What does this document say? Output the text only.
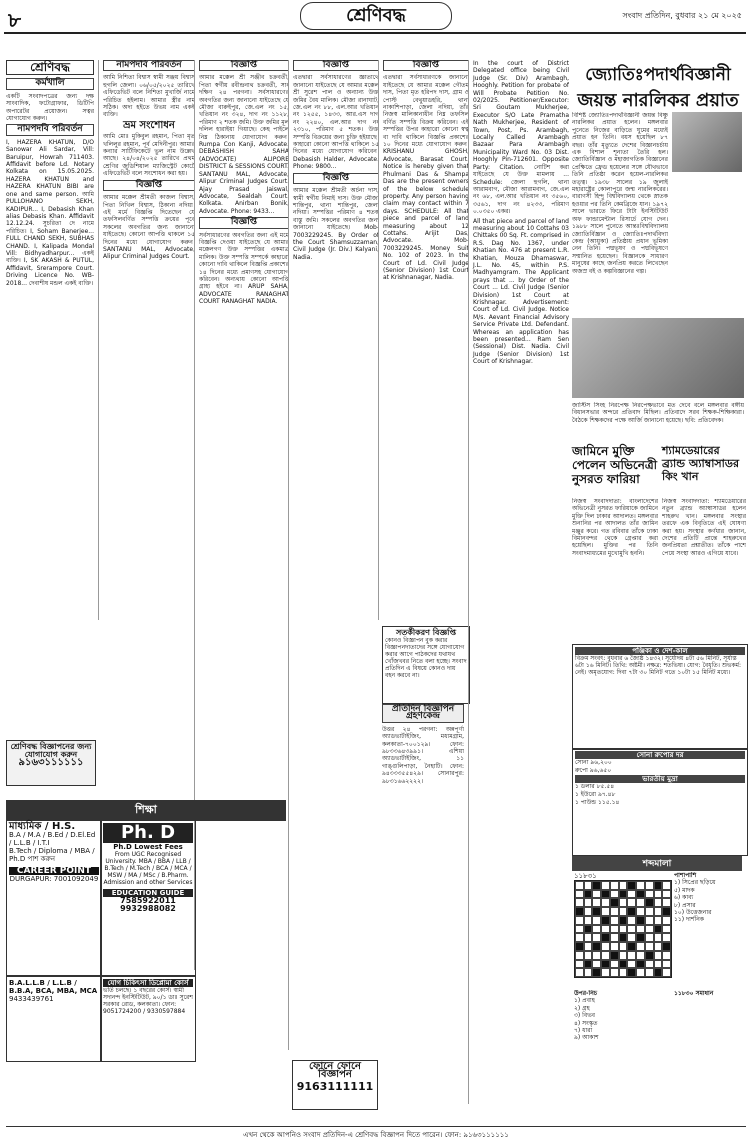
৮	শ্রেণিবদ্ধ	সংবাদ প্রতিদিন, বুধবার ২১ মে ২০২৫
শ্রেণিবদ্ধ
কর্মখালি

একটি সংবাদপত্রের জন্য দক্ষ সাংবাদিক, ফটোগ্রাফার, ডিটিপি অপারেটর প্রয়োজন। সত্বর যোগাযোগ করুন।

নামপদবি পরিবর্তন

I, HAZERA KHATUN, D/O Sanowar Ali Sardar, Vill: Baruipur, Howrah 711403. Affidavit before Ld. Notary Kolkata on 15.05.2025. HAZERA KHATUN and HAZERA KHATUN BIBI are one and same person. আমি PULLOHANO SEKH, KADIPUR... I, Debasish Khan alias Debasis Khan. Affidavit 12.12.24. সুচরিতা দে নামে পরিচিত। I, Soham Banerjee... FULL CHAND SEKH, SUBHAS CHAND. I, Kalipada Mondal Vill: Bidhyadharpur... একই ব্যক্তি। I, SK AKASH & PUTUL, Affidavit, Srerampore Court. Driving Licence No. WB-2018... দেবাশীষ মন্ডল একই ব্যক্তি।

শ্রেণিবদ্ধ বিজ্ঞাপনের জন্য যোগাযোগ করুন
৯১৬৩১১১১১১
নামপদবি পরিবর্তন

আমি নিশিতা বিশ্বাস স্বামী সঞ্জয় বিশ্বাস হুগলি জেলা। ০৬/০৫/২০২৫ তারিখে এফিডেভিট বলে নিশিতা মুখার্জি নামে পরিচিত হইলাম। আমার স্ত্রীর নাম সঠিক। অদ্য হইতে উভয় নাম একই ব্যক্তি।

ভ্রম সংশোধন

আমি মোঃ মুকিবুল রহমান, পিতা মৃত খলিলুর রহমান, পূর্ব মেদিনীপুর। আমার কন্যার সার্টিফিকেটে ভুল নাম উল্লেখ আছে। ২৪/০৪/২০২৫ তারিখে প্রথম শ্রেণির জুডিশিয়াল ম্যাজিস্ট্রেট কোর্টে এফিডেভিট বলে সংশোধন করা হয়।

বিজ্ঞপ্তি

আমার মক্কেল শ্রীমতী কাজল বিশ্বাস, পিতা নিখিল বিশ্বাস, ঠিকানা নদিয়া। এই মর্মে বিজ্ঞপ্তি দিতেছেন যে তফসিলবর্ণিত সম্পত্তি ক্রয়ের পূর্বে সকলের অবগতির জন্য জানানো যাইতেছে। কোনো আপত্তি থাকলে ১৫ দিনের মধ্যে যোগাযোগ করুন। SANTANU MAL, Advocate, Alipur Criminal Judges Court.

বিজ্ঞপ্তি

আমার মক্কেল শ্রী সঞ্জীব চক্রবর্তী, পিতা স্বর্গীয় রবীন্দ্রনাথ চক্রবর্তী, সাং দক্ষিণ ২৪ পরগনা। সর্বসাধারণের অবগতির জন্য জানানো যাইতেছে যে মৌজা বারুইপুর, জে.এল নং ১৫, খতিয়ান নং ৩২৪, দাগ নং ১১২৮, পরিমাণ ২ শতক জমি। উক্ত জমির মূল দলিল হারাইয়া গিয়াছে। কেহ পাইলে নিম্ন ঠিকানায় যোগাযোগ করুন। Rumpa Con Kanji, Advocate. DEBASHISH SAHA (ADVOCATE) ALIPORE DISTRICT & SESSIONS COURT. SANTANU MAL, Advocate, Alipur Criminal Judges Court. Ajay Prasad Jaiswal, Advocate, Sealdah Court. Kolkata. Anirban Bonik, Advocate. Phone: 9433...

বিজ্ঞপ্তি

সর্বসাধারণের অবগতির জন্য এই মর্মে বিজ্ঞপ্তি দেওয়া যাইতেছে যে আমার মক্কেলগণ উক্ত সম্পত্তির একমাত্র মালিক। উক্ত সম্পত্তি সম্পর্কে কাহারো কোনো দাবি থাকিলে বিজ্ঞপ্তি প্রকাশের ১৪ দিনের মধ্যে প্রমাণসহ যোগাযোগ করিবেন। অন্যথায় কোনো আপত্তি গ্রাহ্য হইবে না। ARUP SAHA, ADVOCATE RANAGHAT COURT RANAGHAT NADIA.

বিজ্ঞপ্তি

এতদ্বারা সর্বসাধারণের জ্ঞাতার্থে জানানো যাইতেছে যে আমার মক্কেল শ্রী সুরেশ পাল ও অন্যান্য উক্ত জমির বৈধ মালিক। মৌজা রানাঘাট, জে.এল নং ৮৮, এল.আর খতিয়ান নং ১২৫৫, ১৪৩৩, আর.এস দাগ নং ২২৪০, এল.আর দাগ নং ২৩১০, পরিমাণ ৫ শতক। উক্ত সম্পত্তি বিক্রয়ের জন্য চুক্তি হইয়াছে। কাহারো কোনো আপত্তি থাকিলে ১৫ দিনের মধ্যে যোগাযোগ করিবেন। Debasish Halder, Advocate. Phone: 9800...

বিজ্ঞপ্তি

আমার মক্কেল শ্রীমতী অর্চনা দাস, স্বামী স্বর্গীয় নিমাই দাস। উক্ত মৌজা শান্তিপুর, থানা শান্তিপুর, জেলা নদিয়া। সম্পত্তির পরিমাণ ৪ শতক বাস্তু জমি। সকলের অবগতির জন্য জানানো যাইতেছে। Mob-7003229245. By Order of the Court Shamsuzzaman, Civil Judge (Jr. Div.) Kalyani, Nadia.

ফোনে ফোনে বিজ্ঞাপন
9163111111
বিজ্ঞপ্তি

এতদ্বারা সর্বসাধারণকে জানানো যাইতেছে যে আমার মক্কেল গৌতম দাস, পিতা মৃত হরিপদ দাস, গ্রাম ও পোস্ট বেথুয়াডহরি, থানা নাকাশিপাড়া, জেলা নদিয়া, তাঁর নিজস্ব মালিকানাধীন নিম্ন তফসিল বর্ণিত সম্পত্তি বিক্রয় করিবেন। এই সম্পত্তির উপর কাহারো কোনো স্বত্ব বা দাবি থাকিলে বিজ্ঞপ্তি প্রকাশের ১০ দিনের মধ্যে যোগাযোগ করুন। KRISHANU GHOSH, Advocate, Barasat Court. Notice is hereby given that Phulmani Das & Shampa Das are the present owners of the below schedule property. Any person having claim may contact within 7 days. SCHEDULE: All that piece and parcel of land measuring about 12 Cottahs. Arijit Das, Advocate. Mob-7003229245. Money Suit No. 102 of 2023. In the Court of Ld. Civil Judge (Senior Division) 1st Court at Krishnanagar, Nadia.

সতর্কীকরণ বিজ্ঞপ্তি
কোনও বিজ্ঞাপন বুক করার বিজ্ঞাপনদাতাদের সঙ্গে যোগাযোগ করার আগে পাঠকদের যথাযথ খোঁজখবর নিতে বলা হচ্ছে। সংবাদ প্রতিদিন এ বিষয়ে কোনও দায় বহন করবে না।
প্রতিদিন বিজ্ঞাপন গ্রহণকেন্দ্র

উত্তর ২৪ পরগনা: অন্নপূর্ণা অ্যাডভার্টাইজিং, মধ্যমগ্রাম, কলকাতা-৭০০১২৯। ফোন: ৯৮৩৩৬৪৩৯৯১। এশিয়া অ্যাডভার্টাইজিং, ১১ গাঙ্গুলিপাড়া, নৈহাটি। ফোন: ৯৪৩৩৩৫৫৪২৯। সোনারপুর: ৯৮৩১৬৬২২২২।

In the court of District Delegated office being Civil Judge (Sr. Div) Arambagh, Hooghly. Petition for probate of Will Probate Petition No. 02/2025. Petitioner/Executor: Sri Goutam Mukherjee, Executor S/O Late Pramatha Nath Mukherjee, Resident of Town, Post, Ps. Arambagh, Locally Called Arambagh Bazaar Para Arambagh Municipality Ward No. 03 Dist. Hooghly Pin-712601. Opposite Party: Citation. নোটিশ করা যাইতেছে যে উক্ত মামলায় ... Schedule: জেলা হুগলি, থানা আরামবাগ, মৌজা আরামবাগ, জে.এল নং ৬৮, এল.আর খতিয়ান নং ৩৫৬০, ৩৫৬১, দাগ নং ৪২৩৩, পরিমাণ ০.০৩৫০ একর।

All that piece and parcel of land measuring about 10 Cottahs 03 Chittaks 00 Sq. Ft. comprised in R.S. Dag No. 1367, under Khatian No. 476 at present L.R. Khatian, Mouza Dhamaswar, J.L. No. 45, within P.S. Madhyamgram. The Applicant prays that ... by Order of the Court ... Ld. Civil Judge (Senior Division) 1st Court at Krishnagar. Advertisement: Court of Ld. Civil Judge. Notice M/s. Aevant Financial Advisory Service Private Ltd. Defendant. Whereas an application has been presented... Ram Sen (Sessional) Dist. Nadia. Civil Judge (Senior Division) 1st Court of Krishnagar.

জ্যোতিঃপদার্থবিজ্ঞানী
জয়ন্ত নারলিকর প্রয়াত
বিশিষ্ট জ্যোতিঃপদার্থবিজ্ঞানী জয়ন্ত বিষ্ণু নারলিকর প্রয়াত হলেন। মঙ্গলবার পুনেতে নিজের বাড়িতে ঘুমের মধ্যেই প্রয়াত হন তিনি। বয়স হয়েছিল ৮৭ বছর। তাঁর মৃত্যুতে দেশের বিজ্ঞানচর্চায় এক বিশাল শূন্যতা তৈরি হল। জ্যোতির্বিজ্ঞান ও মহাজাগতিক বিজ্ঞানের প্রেক্ষিতে ফ্রেড হয়েলের সঙ্গে যৌথভাবে তিনি প্রতিষ্ঠা করেন হয়েল-নারলিকর তত্ত্ব। ১৯৩৮ সালের ১৯ জুলাই মহারাষ্ট্রের কোলাপুরে জন্ম নারলিকরের। বারাণসী হিন্দু বিশ্ববিদ্যালয় থেকে স্নাতক হওয়ার পর তিনি কেমব্রিজে যান। ১৯৭২ সালে ভারতে ফিরে টাটা ইনস্টিটিউট অফ ফান্ডামেন্টাল রিসার্চে যোগ দেন। ১৯৮৮ সালে পুনেতে আন্তঃবিশ্ববিদ্যালয় জ্যোতির্বিজ্ঞান ও জ্যোতিঃপদার্থবিদ্যা কেন্দ্র (আয়ুকা) প্রতিষ্ঠায় প্রধান ভূমিকা নেন তিনি। পদ্মভূষণ ও পদ্মবিভূষণে সম্মানিত হয়েছেন। বিজ্ঞানকে সাধারণ মানুষের কাছে জনপ্রিয় করতে লিখেছেন অজস্র বই ও কল্পবিজ্ঞানের গল্প।
জাস্টিস সিংহ নিরপেক্ষ নিরপেক্ষভাবে মত দেবে বলে মঙ্গলবার বঙ্গীয় বিধানসভার অন্দরে প্রতিবাদ মিছিল। প্রতিবাদে সরব শিক্ষক-শিক্ষিকারা। বৈঠকে শিক্ষকদের পক্ষে আর্জি জানানো হয়েছে। ছবি: প্রতিবেদক।
জামিনে মুক্তি পেলেন অভিনেত্রী নুসরত ফারিয়া
নিজস্ব সংবাদদাতা: বাংলাদেশের অভিনেত্রী নুসরত ফারিয়াকে জামিনে মুক্তি দিল ঢাকার আদালত। মঙ্গলবার শুনানির পর আদালত তাঁর জামিন মঞ্জুর করে। গত রবিবার তাঁকে ঢাকা বিমানবন্দর থেকে গ্রেপ্তার করা হয়েছিল। মুক্তির পর তিনি সংবাদমাধ্যমের মুখোমুখি হননি।
শ্যামডেয়ারের ব্র্যান্ড অ্যাম্বাসাডর কিং খান
নিজস্ব সংবাদদাতা: শ্যামডেয়ারের নতুন ব্র্যান্ড অ্যাম্বাসাডর হলেন শাহরুখ খান। মঙ্গলবার সংস্থার তরফে এক বিবৃতিতে এই ঘোষণা করা হয়। সংস্থার কর্ণধার জানান, দেশের প্রতিটি প্রান্তে শাহরুখের জনপ্রিয়তা প্রশ্নাতীত। তাঁকে পাশে পেয়ে সংস্থা আরও এগিয়ে যাবে।
পঞ্জিকা ও দেশ-কাল
বিক্রম সংবৎ: বুধবার ৬ জ্যৈষ্ঠ ১৪৩২। সূর্যোদয় ৪টা ৫৬ মিনিট, সূর্যাস্ত ৬টা ১৬ মিনিট। তিথি: অষ্টমী। নক্ষত্র: শতভিষা। যোগ: বৈধৃতি। শুভকর্ম: নেই। অমৃতযোগ: দিবা ৭টা ৩০ মিনিট গতে ১০টা ১৫ মিনিট মধ্যে।
সোনা রুপোর দর
সোনা ৯৬,২০০
রুপো ৯৬,৬৫০
ভারতীয় মুদ্রা
১ ডলার ৮৫.৫৪
১ ইউরো ৯৭.৪৮
১ পাউন্ড ১১৫.১৪
শব্দমালা
১১৮৩১	পাশাপাশি
১) সিপ্রের ছড়িয়ে
৫) মাদক
৬) কাব্য
৮) প্রসার
১০) উত্তেজনার
১১) দার্শনিক
উপর-নিচ
১) প্রবাহ
২) গ্রহ
৩) বিভব
৪) সংস্কৃত
৭) ধারা
৯) আকাশ
১১৮৩০ সমাধান
শিক্ষা
মাধ্যমিক / H.S.
B.A / M.A / B.Ed / D.El.Ed / L.L.B / I.T.I
B.Tech / Diploma / MBA / Ph.D পাশ করুন
CAREER POINT
DURGAPUR: 7001092049
Ph. D
Ph.D Lowest Fees
From UGC Recognised University. MBA / BBA / LLB / B.Tech / M.Tech / BCA / MCA / MSW / MA / MSc / B.Pharm. Admission and other Services
EDUCATION GUIDE
7585922011 9932988082
B.A.L.L.B / L.L.B / B.B.A, BCA, MBA, MCA
9433439761
যোগ চিকিৎসা ডিপ্লোমা কোর্স
ভর্তি চলছে। ১ বছরের কোর্স। স্বামী সদানন্দ ইনস্টিটিউট, ৯০/১ ডাঃ সুরেশ সরকার রোড, কলকাতা। ফোন: 9051724200 / 9330597884
এখন থেকে আপনিও সংবাদ প্রতিদিন-এ শ্রেণিবদ্ধ বিজ্ঞাপন দিতে পারেন। ফোন: ৯১৬৩১১১১১১
